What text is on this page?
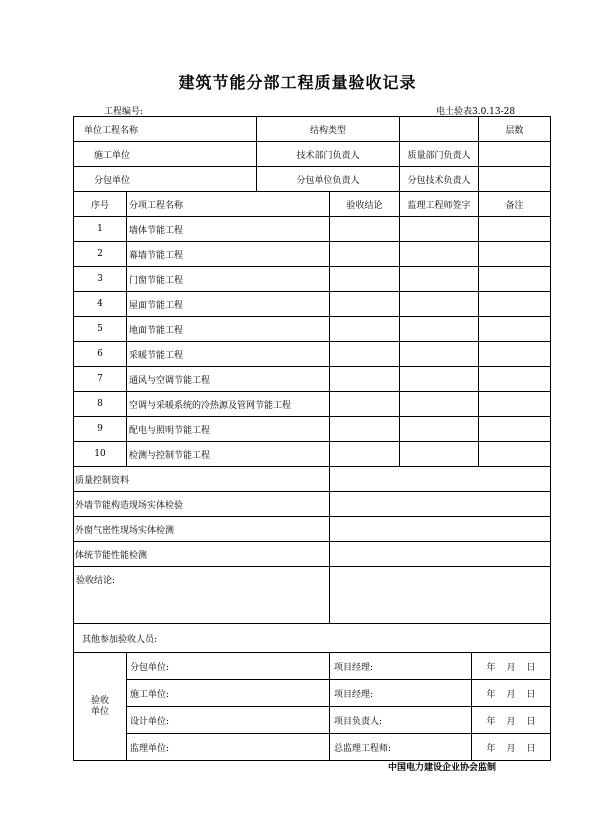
建筑节能分部工程质量验收记录
工程编号:	电土验表3.0.13-28
单位工程名称		结构类型			层数
施工单位		技术部门负责人		质量部门负责人	
分包单位		分包单位负责人		分包技术负责人	
序号	分项工程名称		验收结论	监理工程师签字	备注
1	墙体节能工程				
2	幕墙节能工程				
3	门窗节能工程				
4	屋面节能工程				
5	地面节能工程				
6	采暖节能工程				
7	通风与空调节能工程				
8	空调与采暖系统的冷热源及管网节能工程				
9	配电与照明节能工程				
10	检测与控制节能工程				
质量控制资料					
外墙节能构造现场实体检验					
外窗气密性现场实体检测					
体统节能性能检测					
验收结论:					
其他参加验收人员:					
验收
单位	分包单位:	项目经理:	年 月 日
	施工单位:	项目经理:	年 月 日
	设计单位:	项目负责人:	年 月 日
	监理单位:	总监理工程师:	年 月 日
中国电力建设企业协会监制
